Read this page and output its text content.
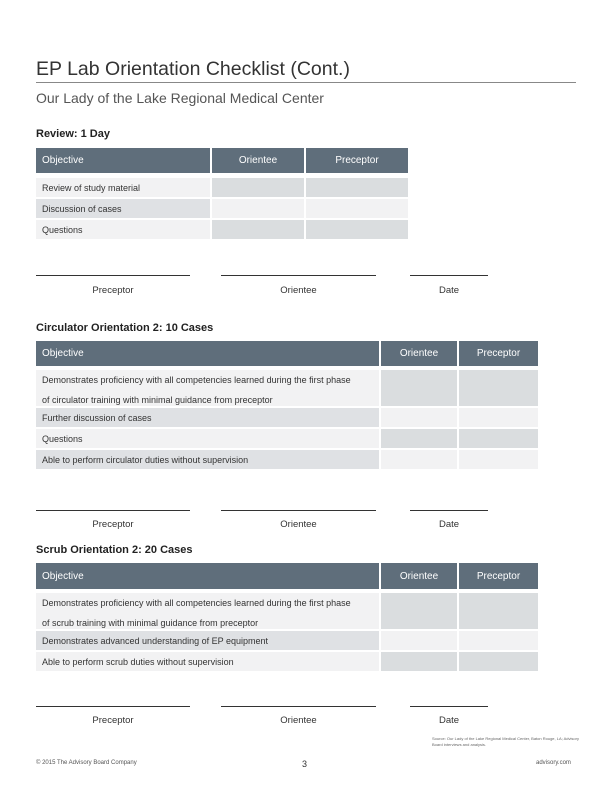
EP Lab Orientation Checklist (Cont.)
Our Lady of the Lake Regional Medical Center
Review: 1 Day
Objective	Orientee	Preceptor
Review of study material
Discussion of cases
Questions
Preceptor	Orientee	Date
Circulator Orientation 2: 10 Cases
Objective	Orientee	Preceptor
Demonstrates proficiency with all competencies learned during the first phase of circulator training with minimal guidance from preceptor
Further discussion of cases
Questions
Able to perform circulator duties without supervision
Preceptor	Orientee	Date
Scrub Orientation 2: 20 Cases
Objective	Orientee	Preceptor
Demonstrates proficiency with all competencies learned during the first phase of scrub training with minimal guidance from preceptor
Demonstrates advanced understanding of EP equipment
Able to perform scrub duties without supervision
Preceptor	Orientee	Date
Source: Our Lady of the Lake Regional Medical Center, Baton Rouge, LA; Advisory Board interviews and analysis.
© 2015 The Advisory Board Company	3	advisory.com
